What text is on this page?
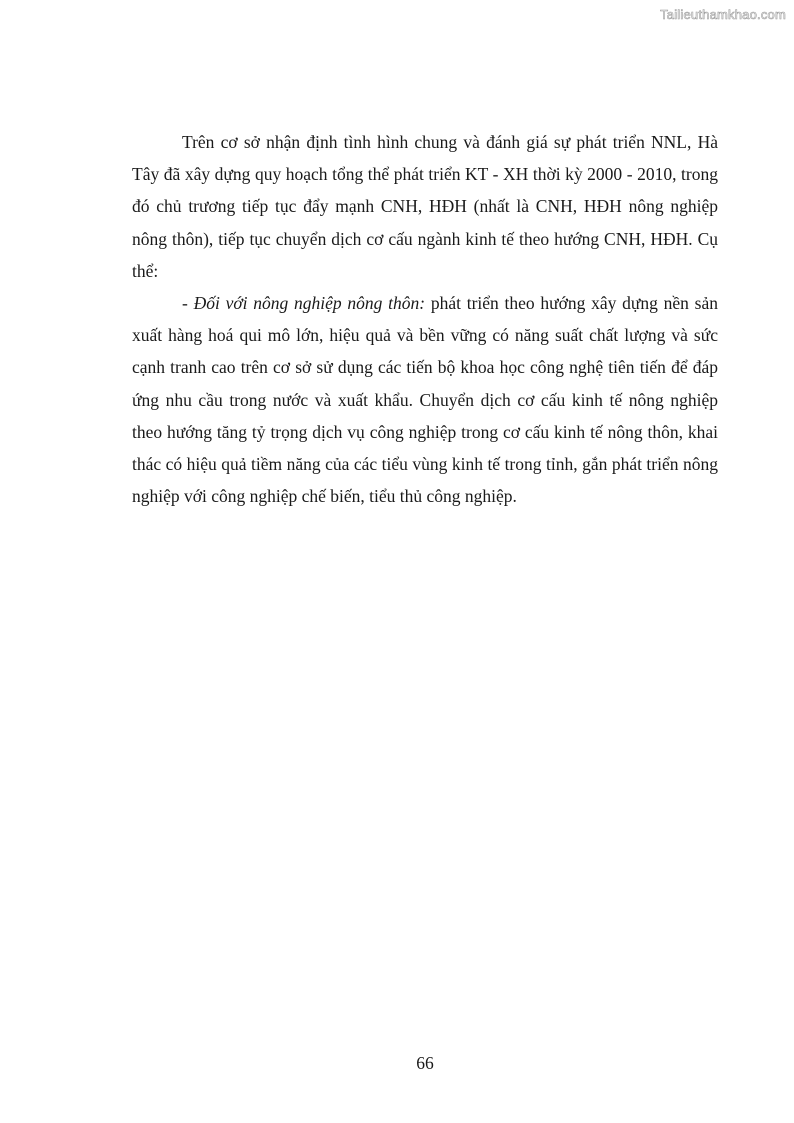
Tailieuthamkhao.com

Trên cơ sở nhận định tình hình chung và đánh giá sự phát triển NNL, Hà Tây đã xây dựng quy hoạch tổng thể phát triển KT - XH thời kỳ 2000 - 2010, trong đó chủ trương tiếp tục đẩy mạnh CNH, HĐH (nhất là CNH, HĐH nông nghiệp nông thôn), tiếp tục chuyển dịch cơ cấu ngành kinh tế theo hướng CNH, HĐH. Cụ thể:

- Đối với nông nghiệp nông thôn: phát triển theo hướng xây dựng nền sản xuất hàng hoá qui mô lớn, hiệu quả và bền vững có năng suất chất lượng và sức cạnh tranh cao trên cơ sở sử dụng các tiến bộ khoa học công nghệ tiên tiến để đáp ứng nhu cầu trong nước và xuất khẩu. Chuyển dịch cơ cấu kinh tế nông nghiệp theo hướng tăng tỷ trọng dịch vụ công nghiệp trong cơ cấu kinh tế nông thôn, khai thác có hiệu quả tiềm năng của các tiểu vùng kinh tế trong tỉnh, gắn phát triển nông nghiệp với công nghiệp chế biến, tiểu thủ công nghiệp.

66
